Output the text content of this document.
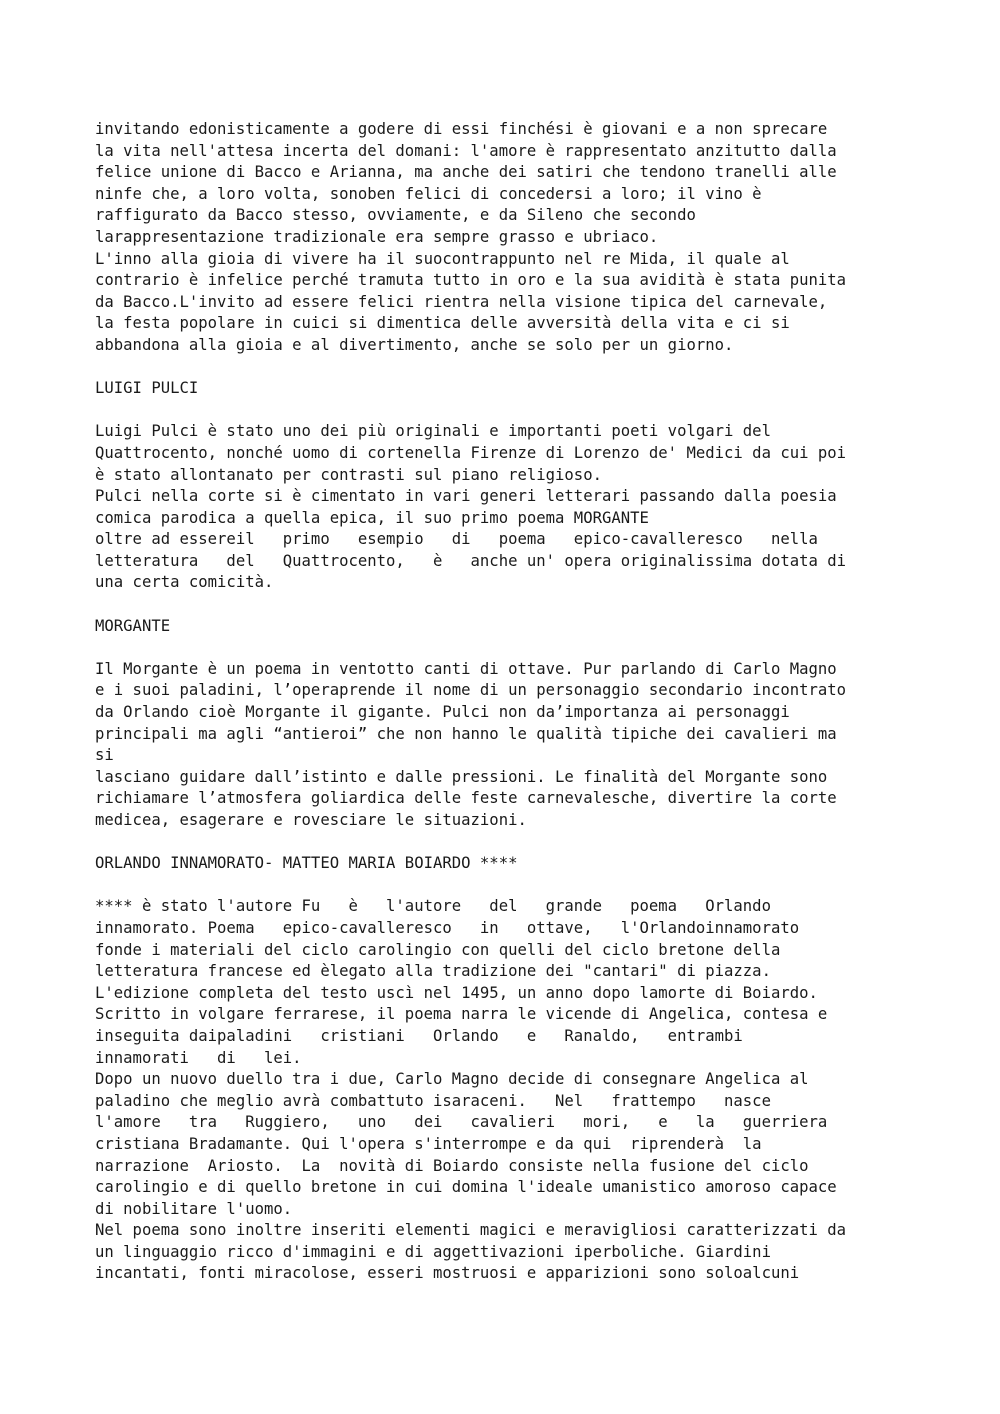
invitando edonisticamente a godere di essi finchési è giovani e a non sprecare
la vita nell'attesa incerta del domani: l'amore è rappresentato anzitutto dalla
felice unione di Bacco e Arianna, ma anche dei satiri che tendono tranelli alle
ninfe che, a loro volta, sonoben felici di concedersi a loro; il vino è
raffigurato da Bacco stesso, ovviamente, e da Sileno che secondo
larappresentazione tradizionale era sempre grasso e ubriaco.
L'inno alla gioia di vivere ha il suocontrappunto nel re Mida, il quale al
contrario è infelice perché tramuta tutto in oro e la sua avidità è stata punita
da Bacco.L'invito ad essere felici rientra nella visione tipica del carnevale,
la festa popolare in cuici si dimentica delle avversità della vita e ci si
abbandona alla gioia e al divertimento, anche se solo per un giorno.
LUIGI PULCI
Luigi Pulci è stato uno dei più originali e importanti poeti volgari del
Quattrocento, nonché uomo di cortenella Firenze di Lorenzo de' Medici da cui poi
è stato allontanato per contrasti sul piano religioso.
Pulci nella corte si è cimentato in vari generi letterari passando dalla poesia
comica parodica a quella epica, il suo primo poema MORGANTE
oltre ad essereil   primo   esempio   di   poema   epico-cavalleresco   nella
letteratura   del   Quattrocento,   è   anche un' opera originalissima dotata di
una certa comicità.
MORGANTE
Il Morgante è un poema in ventotto canti di ottave. Pur parlando di Carlo Magno
e i suoi paladini, l’operaprende il nome di un personaggio secondario incontrato
da Orlando cioè Morgante il gigante. Pulci non da’importanza ai personaggi
principali ma agli “antieroi” che non hanno le qualità tipiche dei cavalieri ma
si
lasciano guidare dall’istinto e dalle pressioni. Le finalità del Morgante sono
richiamare l’atmosfera goliardica delle feste carnevalesche, divertire la corte
medicea, esagerare e rovesciare le situazioni.
ORLANDO INNAMORATO- MATTEO MARIA BOIARDO ****
**** è stato l'autore Fu   è   l'autore   del   grande   poema   Orlando
innamorato. Poema   epico-cavalleresco   in   ottave,   l'Orlandoinnamorato
fonde i materiali del ciclo carolingio con quelli del ciclo bretone della
letteratura francese ed èlegato alla tradizione dei "cantari" di piazza.
L'edizione completa del testo uscì nel 1495, un anno dopo lamorte di Boiardo.
Scritto in volgare ferrarese, il poema narra le vicende di Angelica, contesa e
inseguita daipaladini   cristiani   Orlando   e   Ranaldo,   entrambi
innamorati   di   lei.
Dopo un nuovo duello tra i due, Carlo Magno decide di consegnare Angelica al
paladino che meglio avrà combattuto isaraceni.   Nel   frattempo   nasce
l'amore   tra   Ruggiero,   uno   dei   cavalieri   mori,   e   la   guerriera
cristiana Bradamante. Qui l'opera s'interrompe e da qui  riprenderà  la
narrazione  Ariosto.  La  novità di Boiardo consiste nella fusione del ciclo
carolingio e di quello bretone in cui domina l'ideale umanistico amoroso capace
di nobilitare l'uomo.
Nel poema sono inoltre inseriti elementi magici e meravigliosi caratterizzati da
un linguaggio ricco d'immagini e di aggettivazioni iperboliche. Giardini
incantati, fonti miracolose, esseri mostruosi e apparizioni sono soloalcuni
